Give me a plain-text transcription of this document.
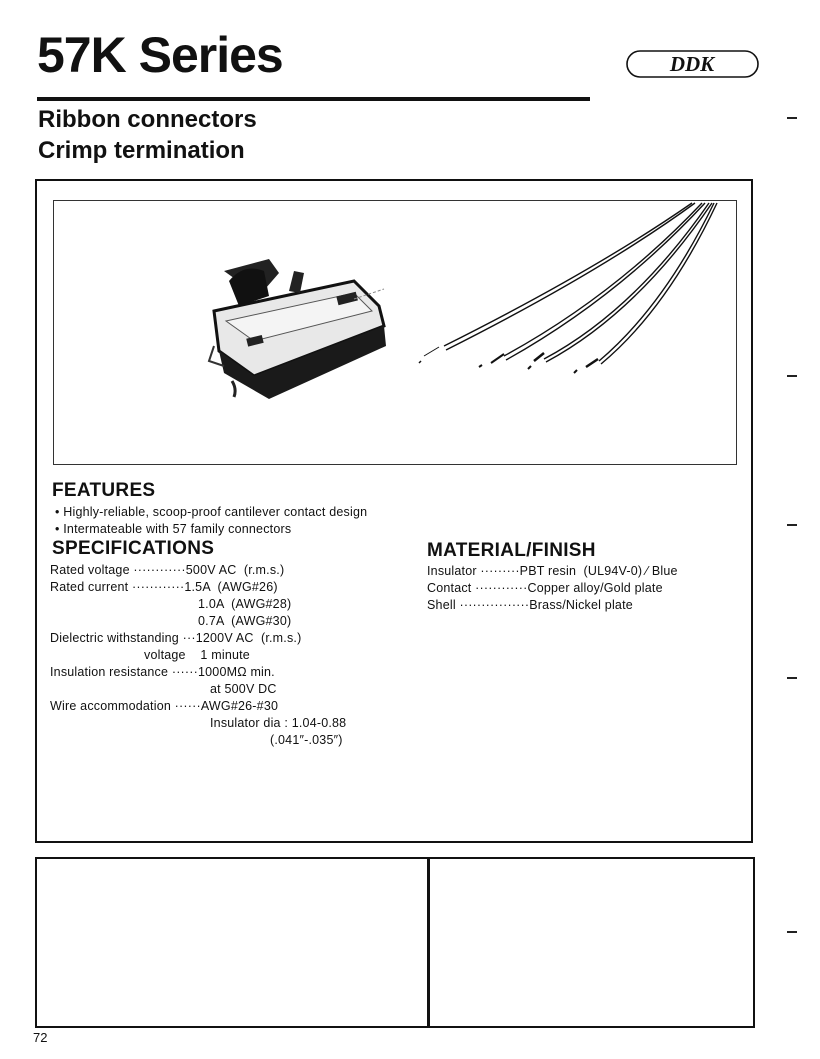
57K Series
Ribbon connectors
Crimp termination
DDK
FEATURES
• Highly-reliable, scoop-proof cantilever contact design
• Intermateable with 57 family connectors
SPECIFICATIONS
Rated voltage ············500V AC  (r.m.s.)
Rated current ············1.5A  (AWG#26)
1.0A  (AWG#28)
0.7A  (AWG#30)
Dielectric withstanding ···1200V AC  (r.m.s.)
voltage    1 minute
Insulation resistance ······1000MΩ min.
at 500V DC
Wire accommodation ······AWG#26-#30
Insulator dia : 1.04-0.88
(.041″-.035″)
MATERIAL/FINISH
Insulator ·········PBT resin  (UL94V-0) ⁄ Blue
Contact ············Copper alloy/Gold plate
Shell ················Brass/Nickel plate
72
